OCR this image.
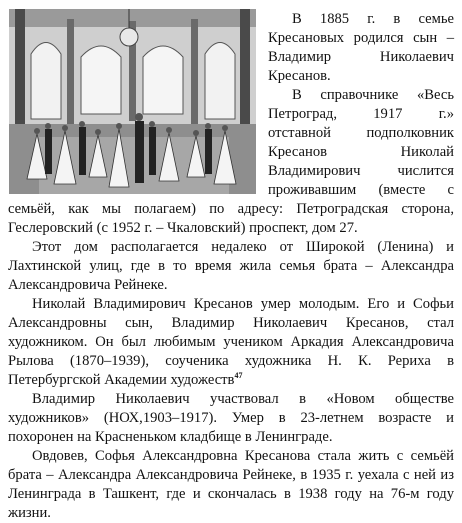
В 1885 г. в семье Кресановых родился сын – Владимир Николаевич Кресанов.

В справочнике «Весь Петроград, 1917 г.» отставной подполковник Кресанов Николай Владимирович числится проживавшим (вместе с семьёй, как мы полагаем) по адресу: Петроградская сторона, Геслеровский (с 1952 г. – Чкаловский) проспект, дом 27.

Этот дом располагается недалеко от Широкой (Ленина) и Лахтинской улиц, где в то время жила семья брата – Александра Александровича Рейнеке.

Николай Владимирович Кресанов умер молодым. Его и Софьи Александровны сын, Владимир Николаевич Кресанов, стал художником. Он был любимым учеником Аркадия Александровича Рылова (1870–1939), соученика художника Н. К. Рериха в Петербургской Академии художеств$^{47}$

Владимир Николаевич участвовал в «Новом обществе художников» (НОХ,1903–1917). Умер в 23-летнем возрасте и похоронен на Красненьком кладбище в Ленинграде.

Овдовев, Софья Александровна Кресанова стала жить с семьёй брата – Александра Александровича Рейнеке, в 1935 г. уехала с ней из Ленинграда в Ташкент, где и скончалась в 1938 году на 76-м году жизни.
